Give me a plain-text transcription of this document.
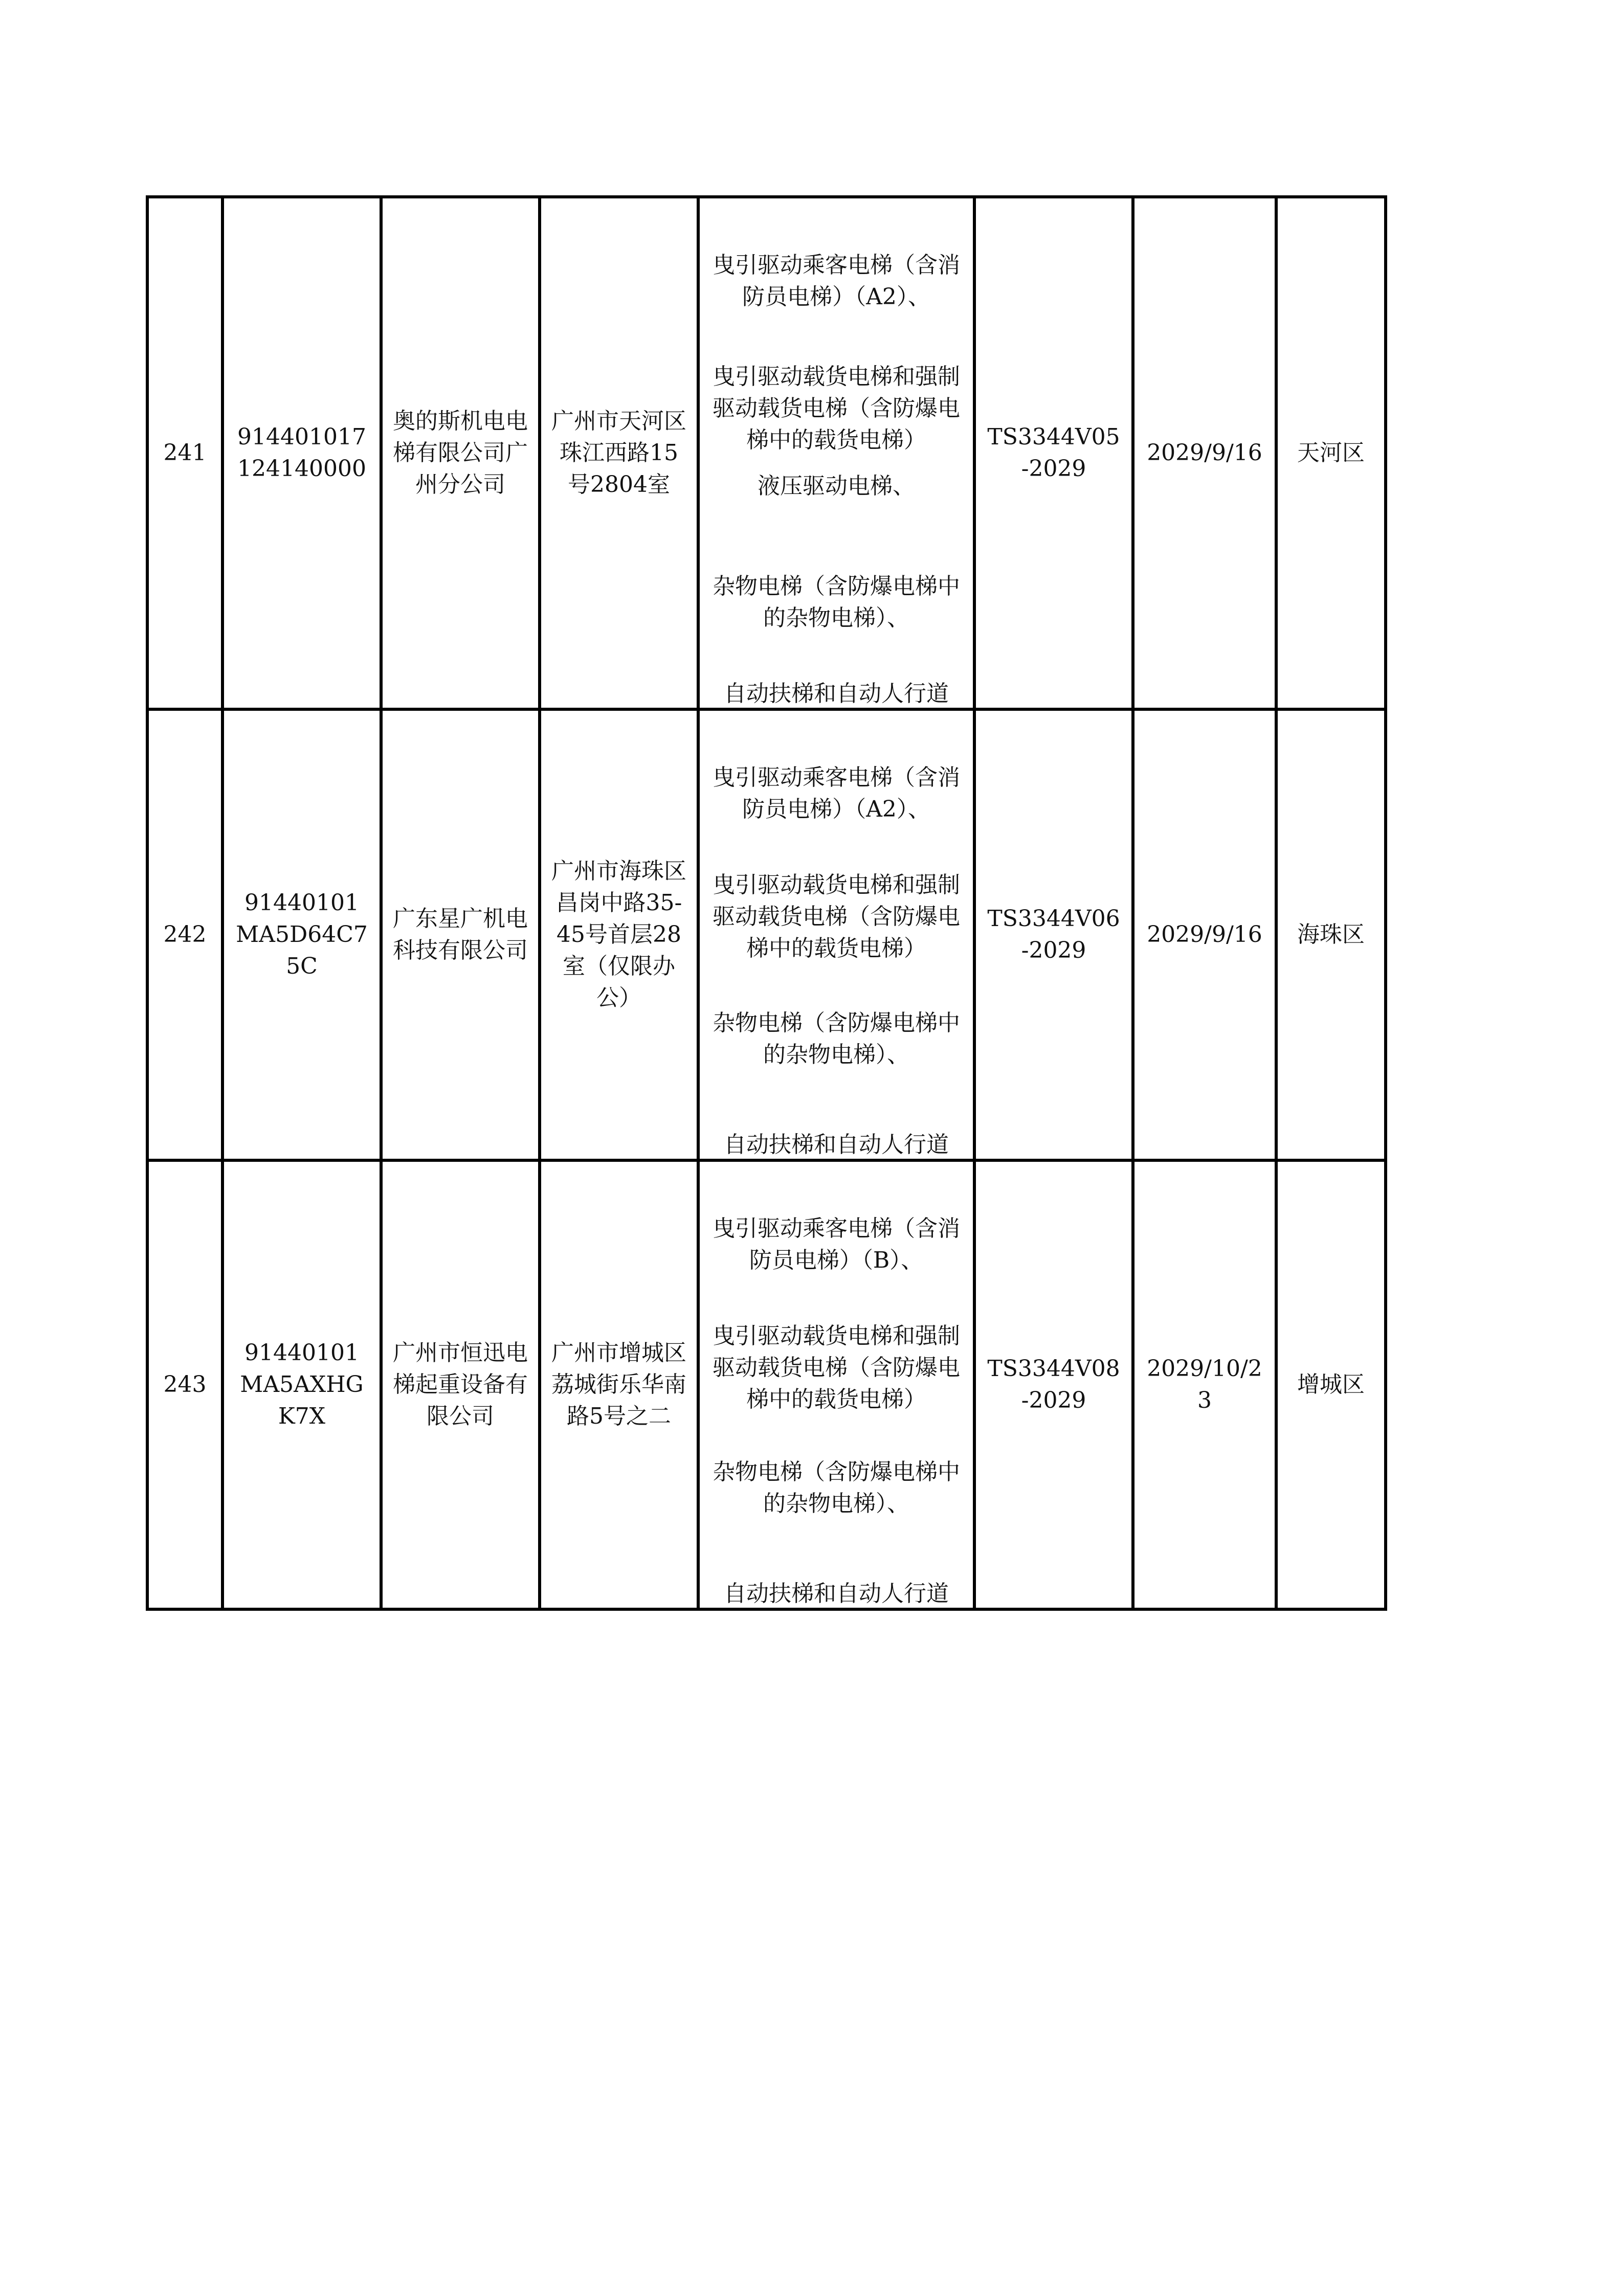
241	914401017124140000	奥的斯机电电梯有限公司广州分公司	广州市天河区珠江西路15号2804室	曳引驱动乘客电梯（含消防员电梯）（A2）、
曳引驱动载货电梯和强制驱动载货电梯（含防爆电梯中的载货电梯）
液压驱动电梯、
杂物电梯（含防爆电梯中的杂物电梯）、
自动扶梯和自动人行道	TS3344V05-2029	2029/9/16	天河区

242	91440101MA5D64C75C	广东星广机电科技有限公司	广州市海珠区昌岗中路35-45号首层28室（仅限办公）	曳引驱动乘客电梯（含消防员电梯）（A2）、
曳引驱动载货电梯和强制驱动载货电梯（含防爆电梯中的载货电梯）
杂物电梯（含防爆电梯中的杂物电梯）、
自动扶梯和自动人行道	TS3344V06-2029	2029/9/16	海珠区

243	91440101MA5AXHGK7X	广州市恒迅电梯起重设备有限公司	广州市增城区荔城街乐华南路5号之二	曳引驱动乘客电梯（含消防员电梯）（B）、
曳引驱动载货电梯和强制驱动载货电梯（含防爆电梯中的载货电梯）
杂物电梯（含防爆电梯中的杂物电梯）、
自动扶梯和自动人行道	TS3344V08-2029	2029/10/23	增城区
